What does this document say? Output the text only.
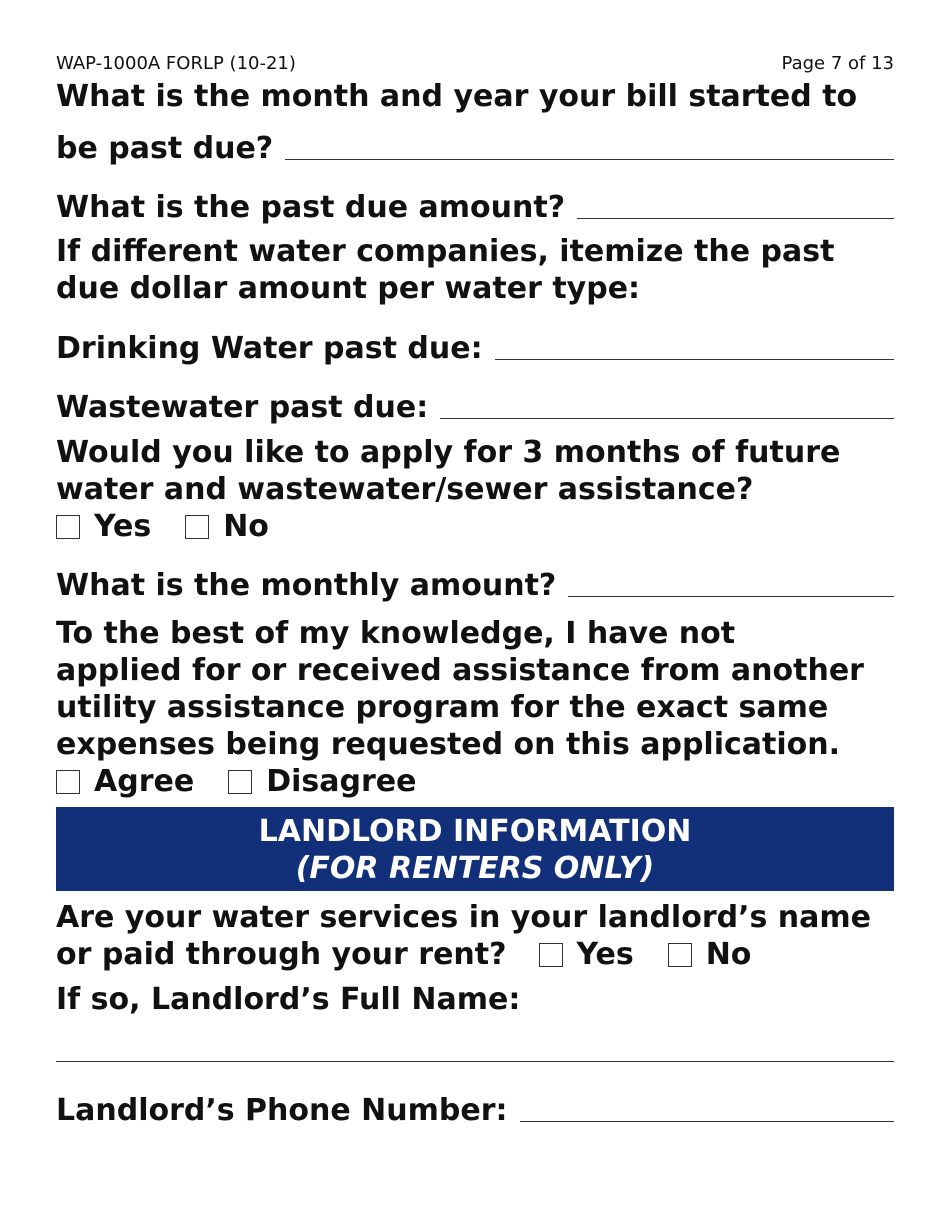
WAP-1000A FORLP (10-21)	Page 7 of 13
What is the month and year your bill started to
be past due?
What is the past due amount?
If different water companies, itemize the past
due dollar amount per water type:
Drinking Water past due:
Wastewater past due:
Would you like to apply for 3 months of future
water and wastewater/sewer assistance?
Yes No
What is the monthly amount?
To the best of my knowledge, I have not
applied for or received assistance from another
utility assistance program for the exact same
expenses being requested on this application.
Agree Disagree
LANDLORD INFORMATION
(FOR RENTERS ONLY)
Are your water services in your landlord’s name
or paid through your rent? Yes No
If so, Landlord’s Full Name:
Landlord’s Phone Number:
